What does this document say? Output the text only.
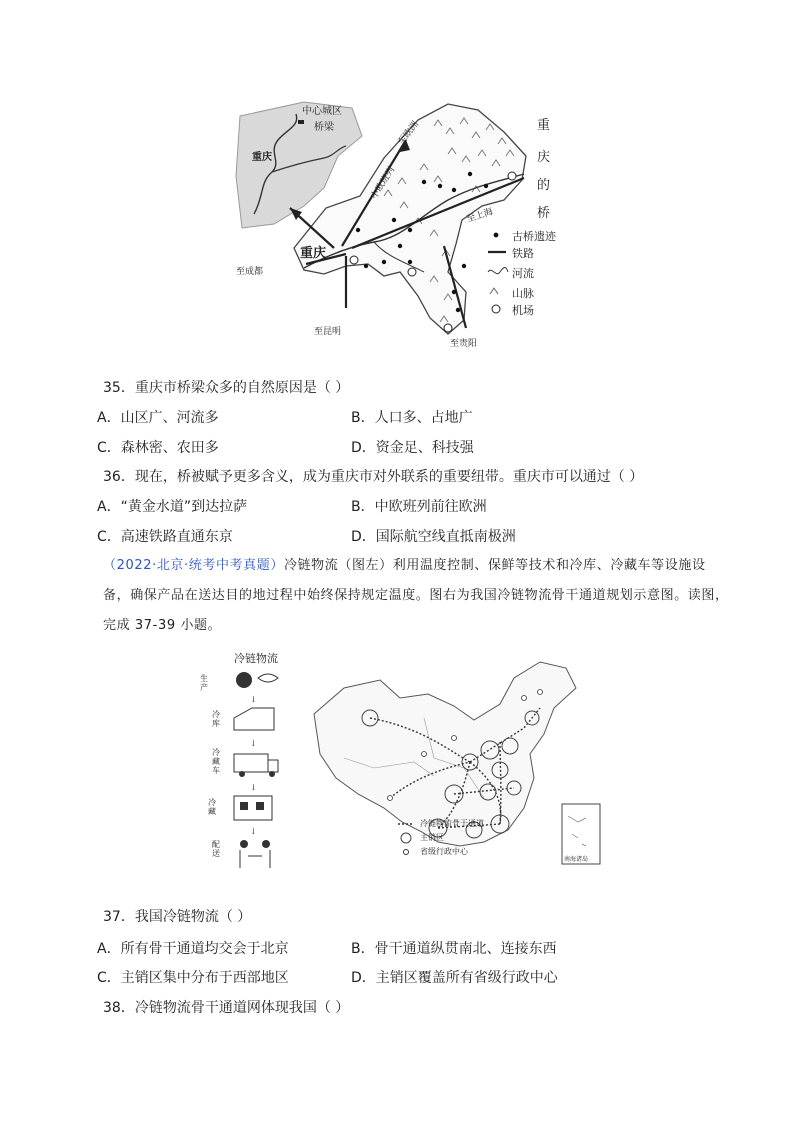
重
庆
的
桥
中心城区
桥梁
重庆
重庆
至欧洲
中欧班列
至上海
至成都
至昆明
至贵阳
古桥遗迹
铁路
河流
山脉
机场
35．重庆市桥梁众多的自然原因是（ ）
A．山区广、河流多	B．人口多、占地广
C．森林密、农田多	D．资金足、科技强
36．现在，桥被赋予更多含义，成为重庆市对外联系的重要纽带。重庆市可以通过（ ）
A．“黄金水道”到达拉萨	B．中欧班列前往欧洲
C．高速铁路直通东京	D．国际航空线直抵南极洲
（2022·北京·统考中考真题）冷链物流（图左）利用温度控制、保鲜等技术和冷库、冷藏车等设施设
备，确保产品在送达目的地过程中始终保持规定温度。图右为我国冷链物流骨干通道规划示意图。读图，
完成 37-39 小题。
冷链物流
↓
↓
↓
↓
生产
冷库
冷藏车
冷藏
配送
冷链物流骨干通道
主销区
省级行政中心
南海诸岛
37．我国冷链物流（ ）
A．所有骨干通道均交会于北京	B．骨干通道纵贯南北、连接东西
C．主销区集中分布于西部地区	D．主销区覆盖所有省级行政中心
38．冷链物流骨干通道网体现我国（ ）
